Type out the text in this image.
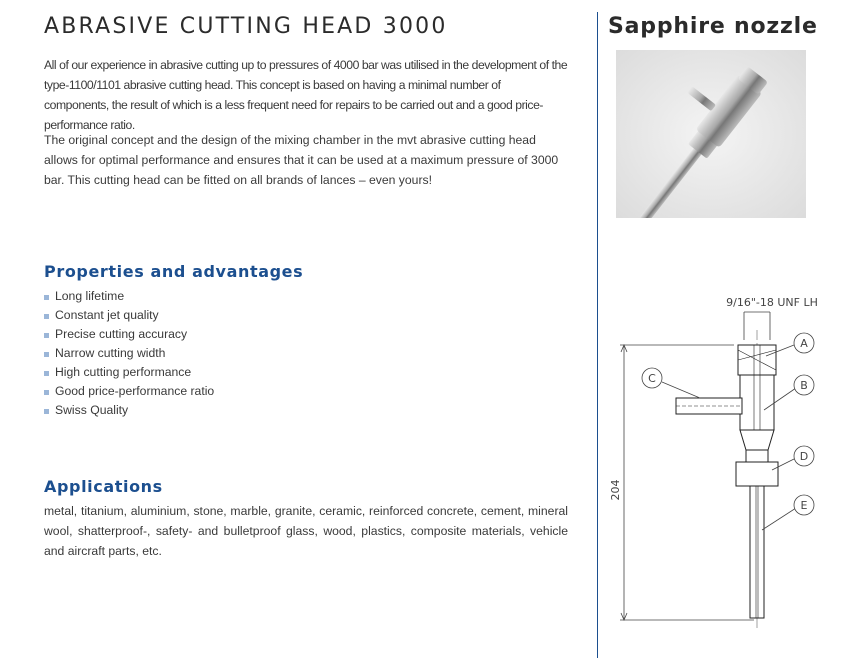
ABRASIVE CUTTING HEAD 3000

All of our experience in abrasive cutting up to pressures of 4000 bar was utilised in the development of the type-1100/1101 abrasive cutting head. This concept is based on having a minimal number of components, the result of which is a less frequent need for repairs to be carried out and a good price-performance ratio.

The original concept and the design of the mixing chamber in the mvt abrasive cutting head allows for optimal performance and ensures that it can be used at a maximum pressure of 3000 bar. This cutting head can be fitted on all brands of lances – even yours!

Properties and advantages
Long lifetime
Constant jet quality
Precise cutting accuracy
Narrow cutting width
High cutting performance
Good price-performance ratio
Swiss Quality
Applications

metal, titanium, aluminium, stone, marble, granite, ceramic, reinforced concrete, cement, mineral wool, shatterproof-, safety- and bulletproof glass, wood, plastics, composite materials, vehicle and aircraft parts, etc.

Sapphire nozzle
9/16"-18 UNF LH
A
B
C
D
E
204
